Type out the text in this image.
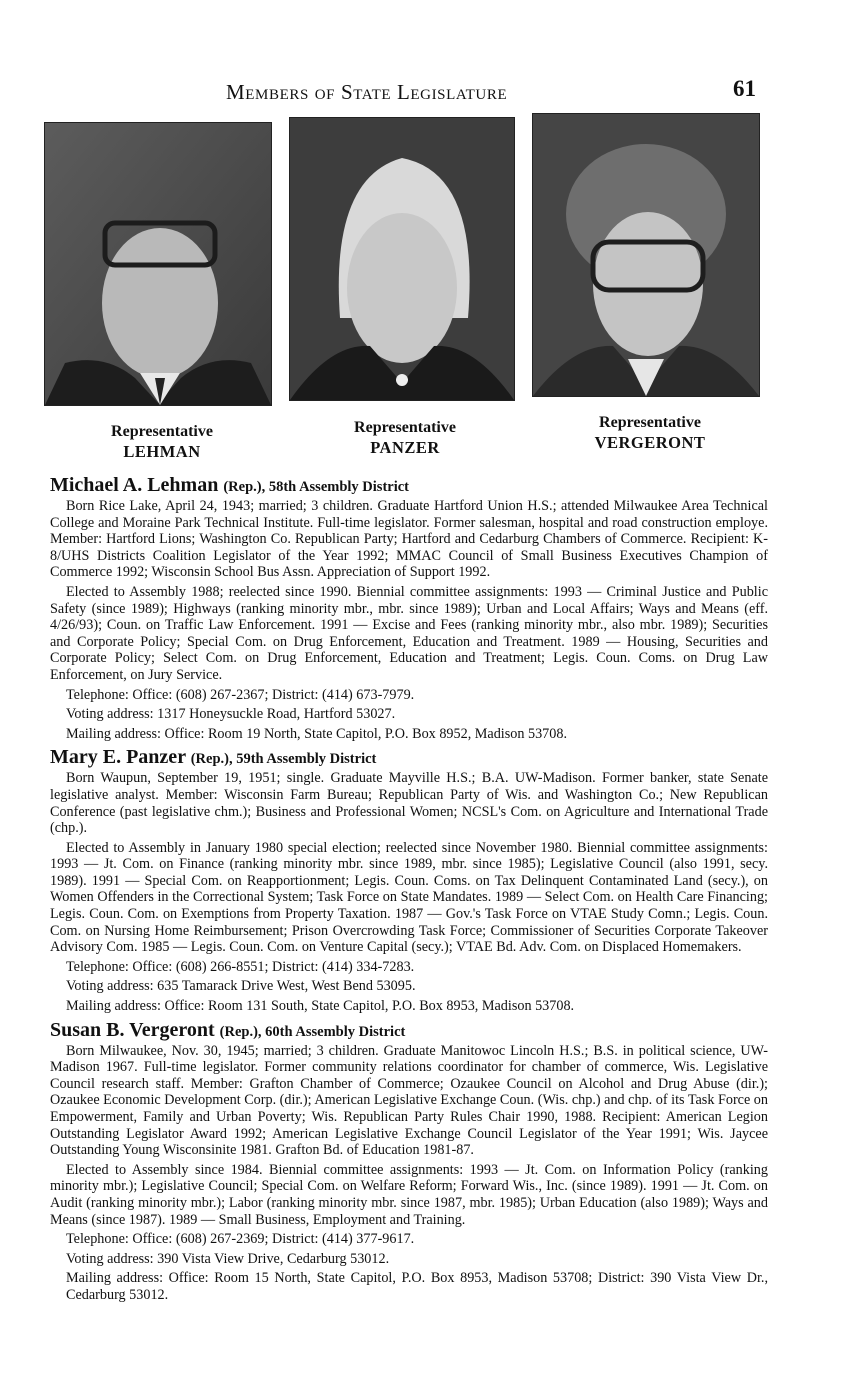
Members of State Legislature	61
Representative
LEHMAN
Representative
PANZER
Representative
VERGERONT
Michael A. Lehman (Rep.), 58th Assembly District

Born Rice Lake, April 24, 1943; married; 3 children. Graduate Hartford Union H.S.; attended Milwaukee Area Technical College and Moraine Park Technical Institute. Full-time legislator. Former salesman, hospital and road construction employe. Member: Hartford Lions; Washington Co. Republican Party; Hartford and Cedarburg Chambers of Commerce. Recipient: K-8/UHS Districts Coalition Legislator of the Year 1992; MMAC Council of Small Business Executives Champion of Commerce 1992; Wisconsin School Bus Assn. Appreciation of Support 1992.

Elected to Assembly 1988; reelected since 1990. Biennial committee assignments: 1993 — Criminal Justice and Public Safety (since 1989); Highways (ranking minority mbr., mbr. since 1989); Urban and Local Affairs; Ways and Means (eff. 4/26/93); Coun. on Traffic Law Enforcement. 1991 — Excise and Fees (ranking minority mbr., also mbr. 1989); Securities and Corporate Policy; Special Com. on Drug Enforcement, Education and Treatment. 1989 — Housing, Securities and Corporate Policy; Select Com. on Drug Enforcement, Education and Treatment; Legis. Coun. Coms. on Drug Law Enforcement, on Jury Service.

Telephone: Office: (608) 267-2367; District: (414) 673-7979.

Voting address: 1317 Honeysuckle Road, Hartford 53027.

Mailing address: Office: Room 19 North, State Capitol, P.O. Box 8952, Madison 53708.

Mary E. Panzer (Rep.), 59th Assembly District

Born Waupun, September 19, 1951; single. Graduate Mayville H.S.; B.A. UW-Madison. Former banker, state Senate legislative analyst. Member: Wisconsin Farm Bureau; Republican Party of Wis. and Washington Co.; New Republican Conference (past legislative chm.); Business and Professional Women; NCSL's Com. on Agriculture and International Trade (chp.).

Elected to Assembly in January 1980 special election; reelected since November 1980. Biennial committee assignments: 1993 — Jt. Com. on Finance (ranking minority mbr. since 1989, mbr. since 1985); Legislative Council (also 1991, secy. 1989). 1991 — Special Com. on Reapportionment; Legis. Coun. Coms. on Tax Delinquent Contaminated Land (secy.), on Women Offenders in the Correctional System; Task Force on State Mandates. 1989 — Select Com. on Health Care Financing; Legis. Coun. Com. on Exemptions from Property Taxation. 1987 — Gov.'s Task Force on VTAE Study Comn.; Legis. Coun. Com. on Nursing Home Reimbursement; Prison Overcrowding Task Force; Commissioner of Securities Corporate Takeover Advisory Com. 1985 — Legis. Coun. Com. on Venture Capital (secy.); VTAE Bd. Adv. Com. on Displaced Homemakers.

Telephone: Office: (608) 266-8551; District: (414) 334-7283.

Voting address: 635 Tamarack Drive West, West Bend 53095.

Mailing address: Office: Room 131 South, State Capitol, P.O. Box 8953, Madison 53708.

Susan B. Vergeront (Rep.), 60th Assembly District

Born Milwaukee, Nov. 30, 1945; married; 3 children. Graduate Manitowoc Lincoln H.S.; B.S. in political science, UW-Madison 1967. Full-time legislator. Former community relations coordinator for chamber of commerce, Wis. Legislative Council research staff. Member: Grafton Chamber of Commerce; Ozaukee Council on Alcohol and Drug Abuse (dir.); Ozaukee Economic Development Corp. (dir.); American Legislative Exchange Coun. (Wis. chp.) and chp. of its Task Force on Empowerment, Family and Urban Poverty; Wis. Republican Party Rules Chair 1990, 1988. Recipient: American Legion Outstanding Legislator Award 1992; American Legislative Exchange Council Legislator of the Year 1991; Wis. Jaycee Outstanding Young Wisconsinite 1981. Grafton Bd. of Education 1981-87.

Elected to Assembly since 1984. Biennial committee assignments: 1993 — Jt. Com. on Information Policy (ranking minority mbr.); Legislative Council; Special Com. on Welfare Reform; Forward Wis., Inc. (since 1989). 1991 — Jt. Com. on Audit (ranking minority mbr.); Labor (ranking minority mbr. since 1987, mbr. 1985); Urban Education (also 1989); Ways and Means (since 1987). 1989 — Small Business, Employment and Training.

Telephone: Office: (608) 267-2369; District: (414) 377-9617.

Voting address: 390 Vista View Drive, Cedarburg 53012.

Mailing address: Office: Room 15 North, State Capitol, P.O. Box 8953, Madison 53708; District: 390 Vista View Dr., Cedarburg 53012.
